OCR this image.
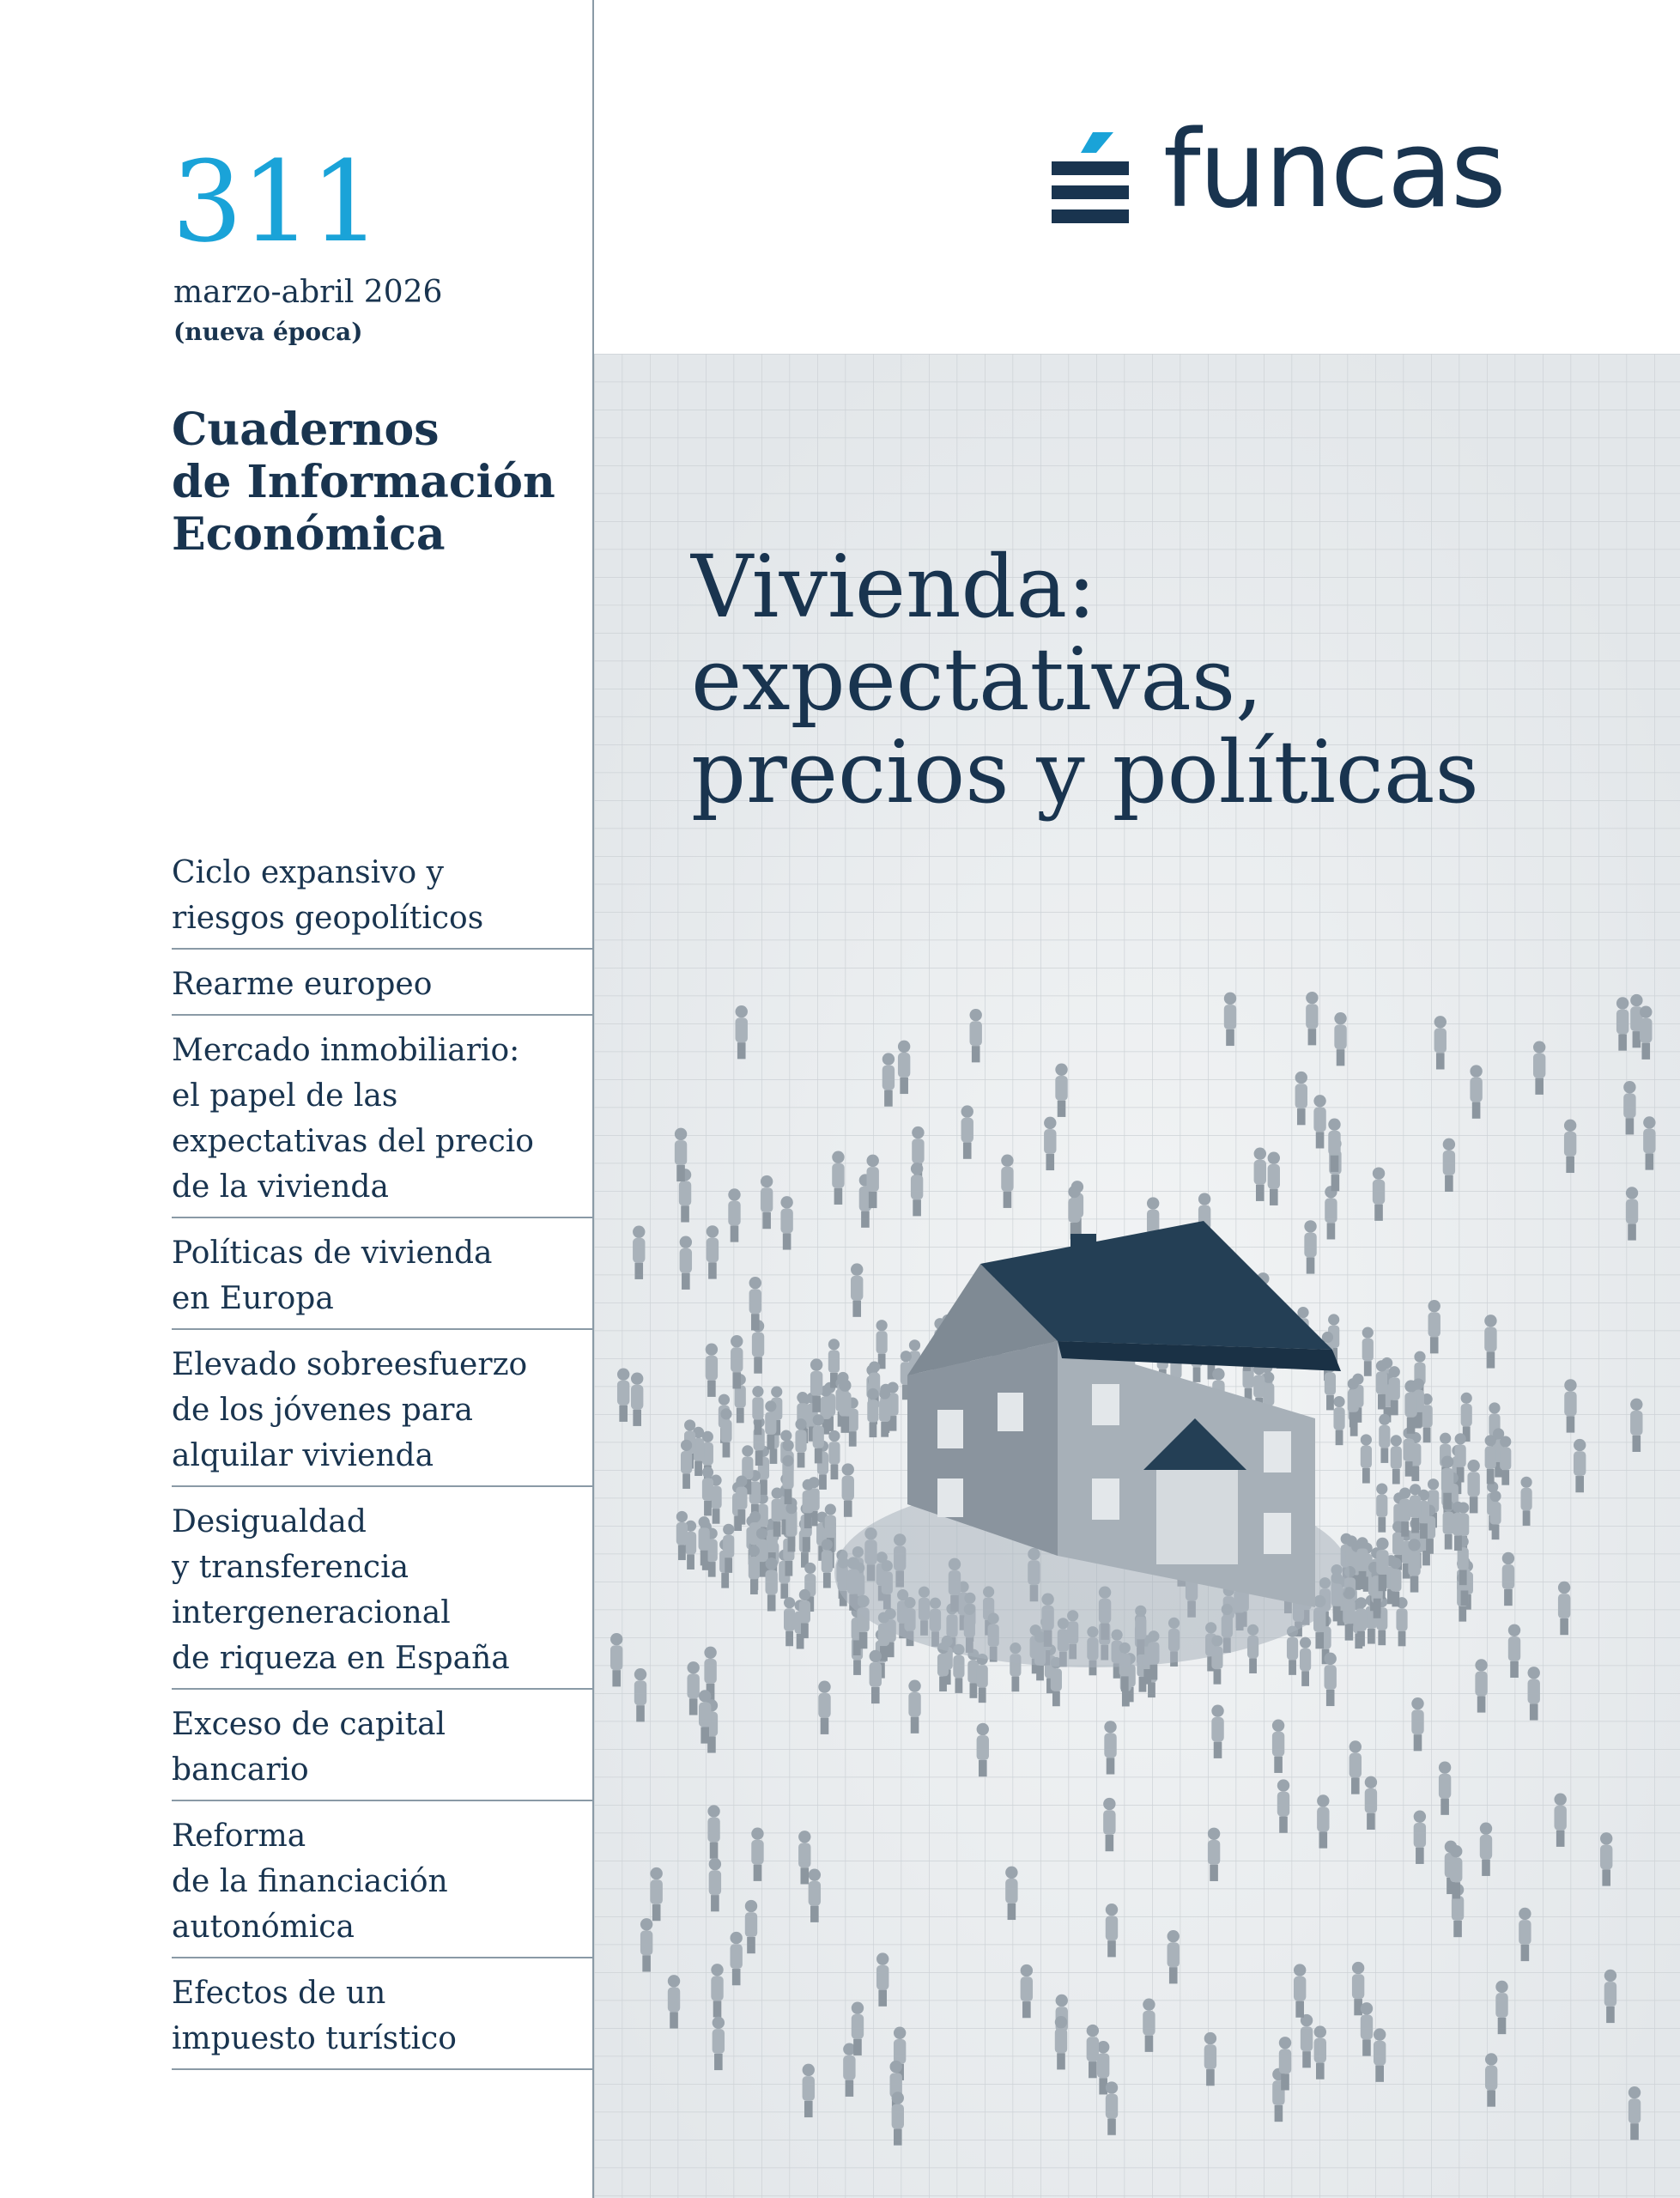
311
marzo-abril 2026
(nueva época)
Cuadernos
de Información
Económica
Ciclo expansivo y
riesgos geopolíticos
Rearme europeo
Mercado inmobiliario:
el papel de las
expectativas del precio
de la vivienda
Políticas de vivienda
en Europa
Elevado sobreesfuerzo
de los jóvenes para
alquilar vivienda
Desigualdad
y transferencia
intergeneracional
de riqueza en España
Exceso de capital
bancario
Reforma
de la financiación
autonómica
Efectos de un
impuesto turístico
funcas
Vivienda:
expectativas,
precios y políticas
